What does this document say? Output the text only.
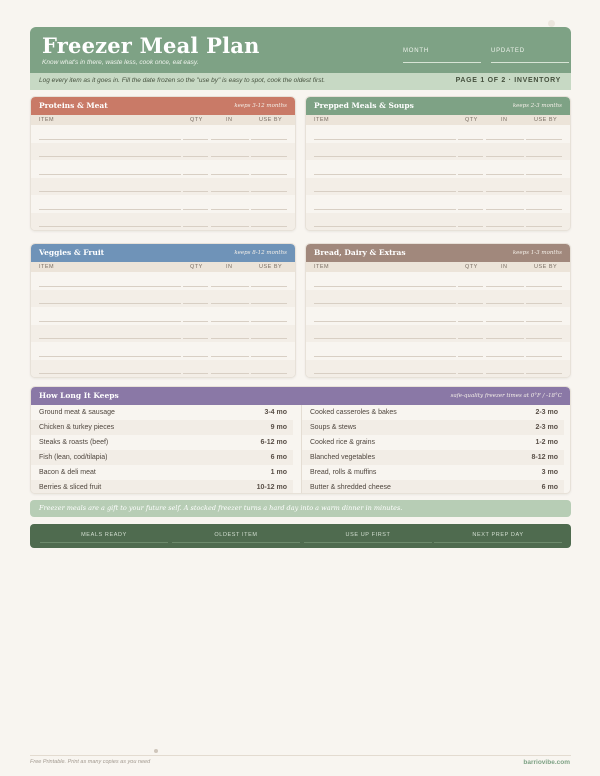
Freezer Meal Plan
Know what's in there, waste less, cook once, eat easy.
MONTH	UPDATED
Log every item as it goes in. Fill the date frozen so the "use by" is easy to spot, cook the oldest first.	PAGE 1 OF 2 · INVENTORY
Proteins & Meat	keeps 3-12 months
ITEM	QTY	IN	USE BY
Prepped Meals & Soups	keeps 2-3 months
ITEM	QTY	IN	USE BY
Veggies & Fruit	keeps 8-12 months
ITEM	QTY	IN	USE BY
Bread, Dairy & Extras	keeps 1-3 months
ITEM	QTY	IN	USE BY
How Long It Keeps	safe-quality freezer times at 0°F / -18°C
Ground meat & sausage	3-4 mo
Chicken & turkey pieces	9 mo
Steaks & roasts (beef)	6-12 mo
Fish (lean, cod/tilapia)	6 mo
Bacon & deli meat	1 mo
Berries & sliced fruit	10-12 mo
Cooked casseroles & bakes	2-3 mo
Soups & stews	2-3 mo
Cooked rice & grains	1-2 mo
Blanched vegetables	8-12 mo
Bread, rolls & muffins	3 mo
Butter & shredded cheese	6 mo
Freezer meals are a gift to your future self. A stocked freezer turns a hard day into a warm dinner in minutes.
MEALS READY	OLDEST ITEM	USE UP FIRST	NEXT PREP DAY
Free Printable. Print as many copies as you need	barriovibe.com
